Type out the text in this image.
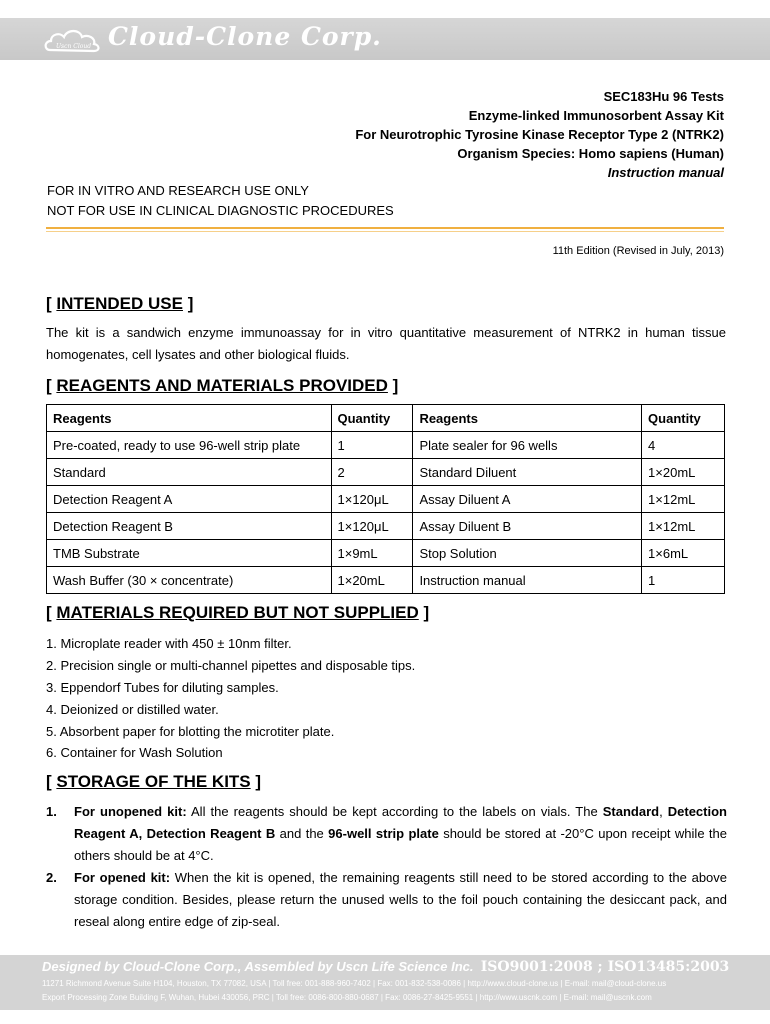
Uscn Cloud Cloud-Clone Corp.
SEC183Hu 96 Tests
Enzyme-linked Immunosorbent Assay Kit
For Neurotrophic Tyrosine Kinase Receptor Type 2 (NTRK2)
Organism Species: Homo sapiens (Human)
Instruction manual
FOR IN VITRO AND RESEARCH USE ONLY
NOT FOR USE IN CLINICAL DIAGNOSTIC PROCEDURES
11th Edition (Revised in July, 2013)
[ INTENDED USE ]
The kit is a sandwich enzyme immunoassay for in vitro quantitative measurement of NTRK2 in human tissue homogenates, cell lysates and other biological fluids.
[ REAGENTS AND MATERIALS PROVIDED ]
Reagents	Quantity	Reagents	Quantity
Pre-coated, ready to use 96-well strip plate	1	Plate sealer for 96 wells	4
Standard	2	Standard Diluent	1×20mL
Detection Reagent A	1×120μL	Assay Diluent A	1×12mL
Detection Reagent B	1×120μL	Assay Diluent B	1×12mL
TMB Substrate	1×9mL	Stop Solution	1×6mL
Wash Buffer (30 × concentrate)	1×20mL	Instruction manual	1
[ MATERIALS REQUIRED BUT NOT SUPPLIED ]
1. Microplate reader with 450 ± 10nm filter.
2. Precision single or multi-channel pipettes and disposable tips.
3. Eppendorf Tubes for diluting samples.
4. Deionized or distilled water.
5. Absorbent paper for blotting the microtiter plate.
6. Container for Wash Solution
[ STORAGE OF THE KITS ]
1. For unopened kit: All the reagents should be kept according to the labels on vials. The Standard, Detection Reagent A, Detection Reagent B and the 96-well strip plate should be stored at -20°C upon receipt while the others should be at 4°C.
2. For opened kit: When the kit is opened, the remaining reagents still need to be stored according to the above storage condition. Besides, please return the unused wells to the foil pouch containing the desiccant pack, and reseal along entire edge of zip-seal.
Designed by Cloud-Clone Corp., Assembled by Uscn Life Science Inc. ISO9001:2008 ; ISO13485:2003
11271 Richmond Avenue Suite H104, Houston, TX 77082, USA | Toll free: 001-888-960-7402 | Fax: 001-832-538-0086 | http://www.cloud-clone.us | E-mail: mail@cloud-clone.us
Export Processing Zone Building F, Wuhan, Hubei 430056, PRC | Toll free: 0086-800-880-0687 | Fax: 0086-27-8425-9551 | http://www.uscnk.com | E-mail: mail@uscnk.com
